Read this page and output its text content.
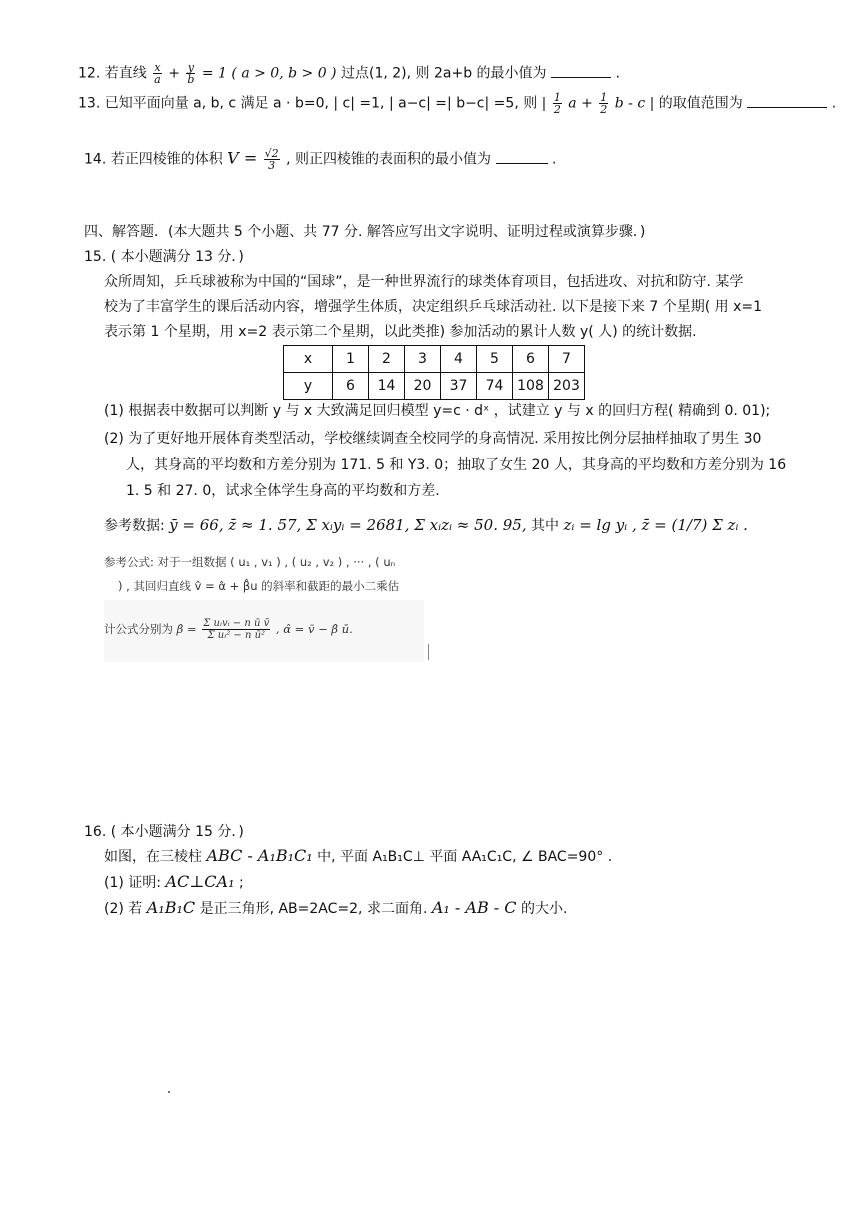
12. 若直线 $\frac{x}{a} + \frac{y}{b} = 1$ ( a > 0, b > 0 ) 过点(1, 2), 则 2a+b 的最小值为	.
13. 已知平面向量 a, b, c 满足 a · b=0, | c| =1, | a−c| =| b−c| =5, 则 | $\frac{1}{2}$ $a + \frac{1}{2}$ b - c | 的取值范围为	.
14. 若正四棱锥的体积 $V = \frac{√2}{3}$ , 则正四棱锥的表面积的最小值为	.
四、解答题．(本大题共 5 个小题、共 77 分. 解答应写出文字说明、证明过程或演算步骤．)
15. ( 本小题满分 13 分．)
众所周知，乒乓球被称为中国的“国球”，是一种世界流行的球类体育项目，包括进攻、对抗和防守. 某学
校为了丰富学生的课后活动内容，增强学生体质，决定组织乒乓球活动社. 以下是接下来 7 个星期( 用 x=1
表示第 1 个星期，用 x=2 表示第二个星期，以此类推) 参加活动的累计人数 y( 人) 的统计数据.
x	1	2	3	4	5	6	7
y	6	14	20	37	74	108	203
(1) 根据表中数据可以判断 y 与 x 大致满足回归模型 y=c · dˣ ，试建立 y 与 x 的回归方程( 精确到 0. 01);
(2) 为了更好地开展体育类型活动，学校继续调查全校同学的身高情况. 采用按比例分层抽样抽取了男生 30
人，其身高的平均数和方差分别为 171. 5 和 Y3. 0；抽取了女生 20 人，其身高的平均数和方差分别为 16
1. 5 和 27. 0，试求全体学生身高的平均数和方差.
参考数据: ȳ = 66, z̄ ≈ 1. 57, Σ xᵢyᵢ = 2681, Σ xᵢzᵢ ≈ 50. 95, 其中 zᵢ = lg yᵢ , z̄ = (1/7) Σ zᵢ .
参考公式: 对于一组数据 ( u₁ , v₁ ) , ( u₂ , v₂ ) , ··· , ( uₙ
) , 其回归直线 v̂ = α̂ + β̂u 的斜率和截距的最小二乘估
计公式分别为 β̂ = $\frac{\text{Σ uᵢvᵢ − n ū v̄}}{\text{Σ uᵢ² − n ū²}}$ , α̂ = v̄ − β̂ ū.
16. ( 本小题满分 15 分．)
如图，在三棱柱 ABC - A₁B₁C₁ 中, 平面 A₁B₁C⊥ 平面 AA₁C₁C, ∠ BAC=90° .
(1) 证明: AC⊥CA₁ ;
(2) 若 A₁B₁C 是正三角形, AB=2AC=2, 求二面角. A₁ - AB - C 的大小.
